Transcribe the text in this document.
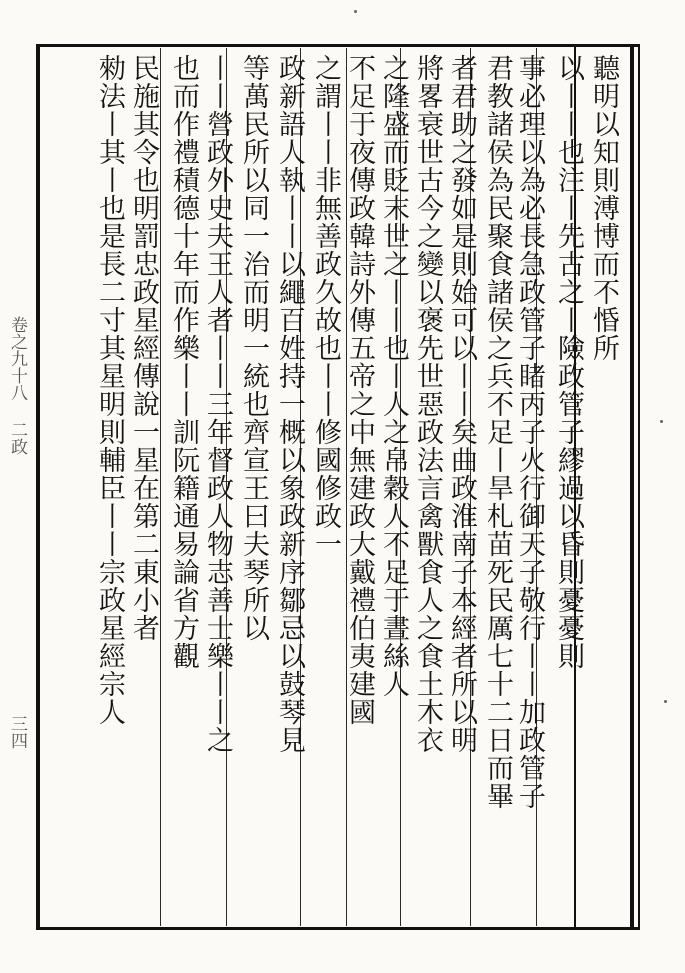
卷之九十八 二政 三四
聽明以知則溥博而不惛所
以丨丨也注丨先古之丨險政管子繆過以昏則憂憂則
事必理以為必長急政管子睹丙子火行御天子敬行丨丨加政管子
君教諸侯為民聚食諸侯之兵不足丨旱札苗死民厲七十二日而畢
者君助之發如是則始可以丨丨矣曲政淮南子本經者所以明
將畧衰世古今之變以褒先世惡政法言禽獸食人之食土木衣
之隆盛而貶末世之丨丨也丨人之帛穀人不足于晝絲人
不足于夜傳政韓詩外傳五帝之中無建政大戴禮伯夷建國
之謂丨丨非無善政久故也丨丨修國修政一
政新語人執丨丨以繩百姓持一概以象政新序鄒忌以鼓琴見
等萬民所以同一治而明一統也齊宣王曰夫琴所以
丨丨營政外史夫王人者丨丨三年督政人物志善士樂丨丨之
也而作禮積德十年而作樂丨丨訓阮籍通易論省方觀
民施其令也明罰忠政星經傳說一星在第二東小者
勑法丨其丨也是長二寸其星明則輔臣丨丨宗政星經宗人
